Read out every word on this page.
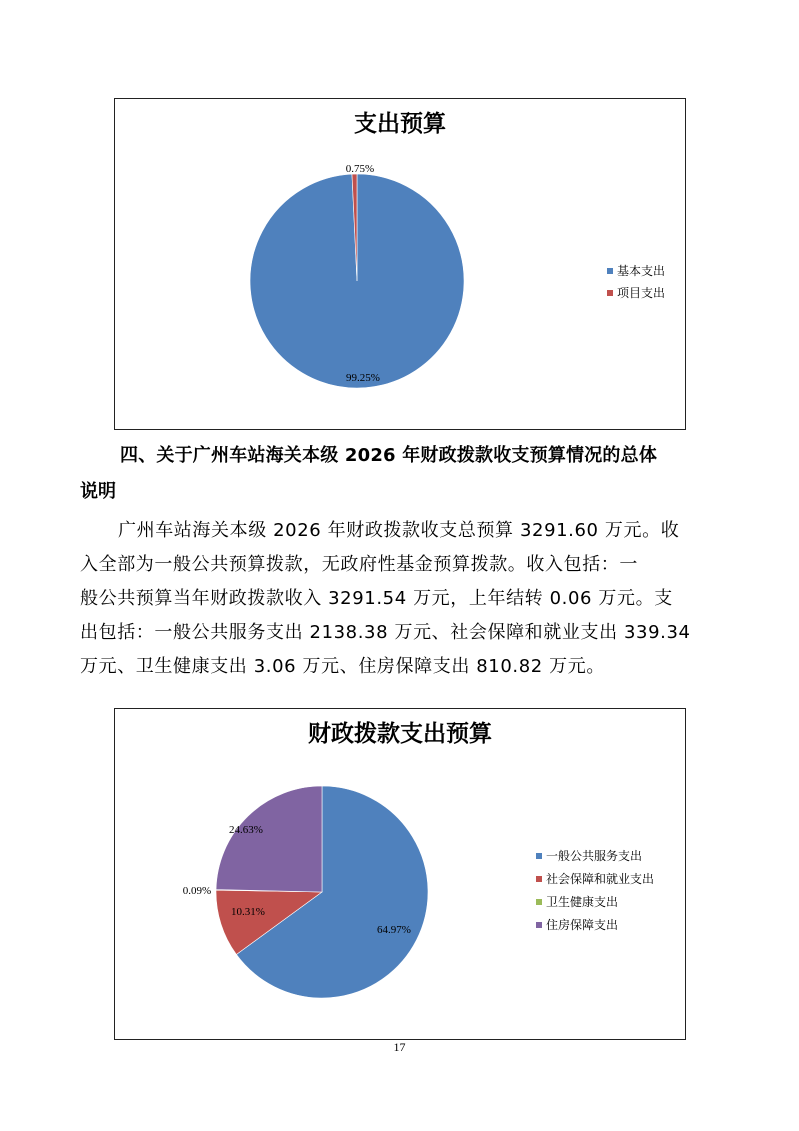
支出预算
99.25%
0.75%
基本支出
项目支出
四、关于广州车站海关本级 2026 年财政拨款收支预算情况的总体
说明
广州车站海关本级 2026 年财政拨款收支总预算 3291.60 万元。收
入全部为一般公共预算拨款，无政府性基金预算拨款。收入包括：一
般公共预算当年财政拨款收入 3291.54 万元，上年结转 0.06 万元。支
出包括：一般公共服务支出 2138.38 万元、社会保障和就业支出 339.34
万元、卫生健康支出 3.06 万元、住房保障支出 810.82 万元。
财政拨款支出预算
64.97%
10.31%
0.09%
24.63%
一般公共服务支出
社会保障和就业支出
卫生健康支出
住房保障支出
17
